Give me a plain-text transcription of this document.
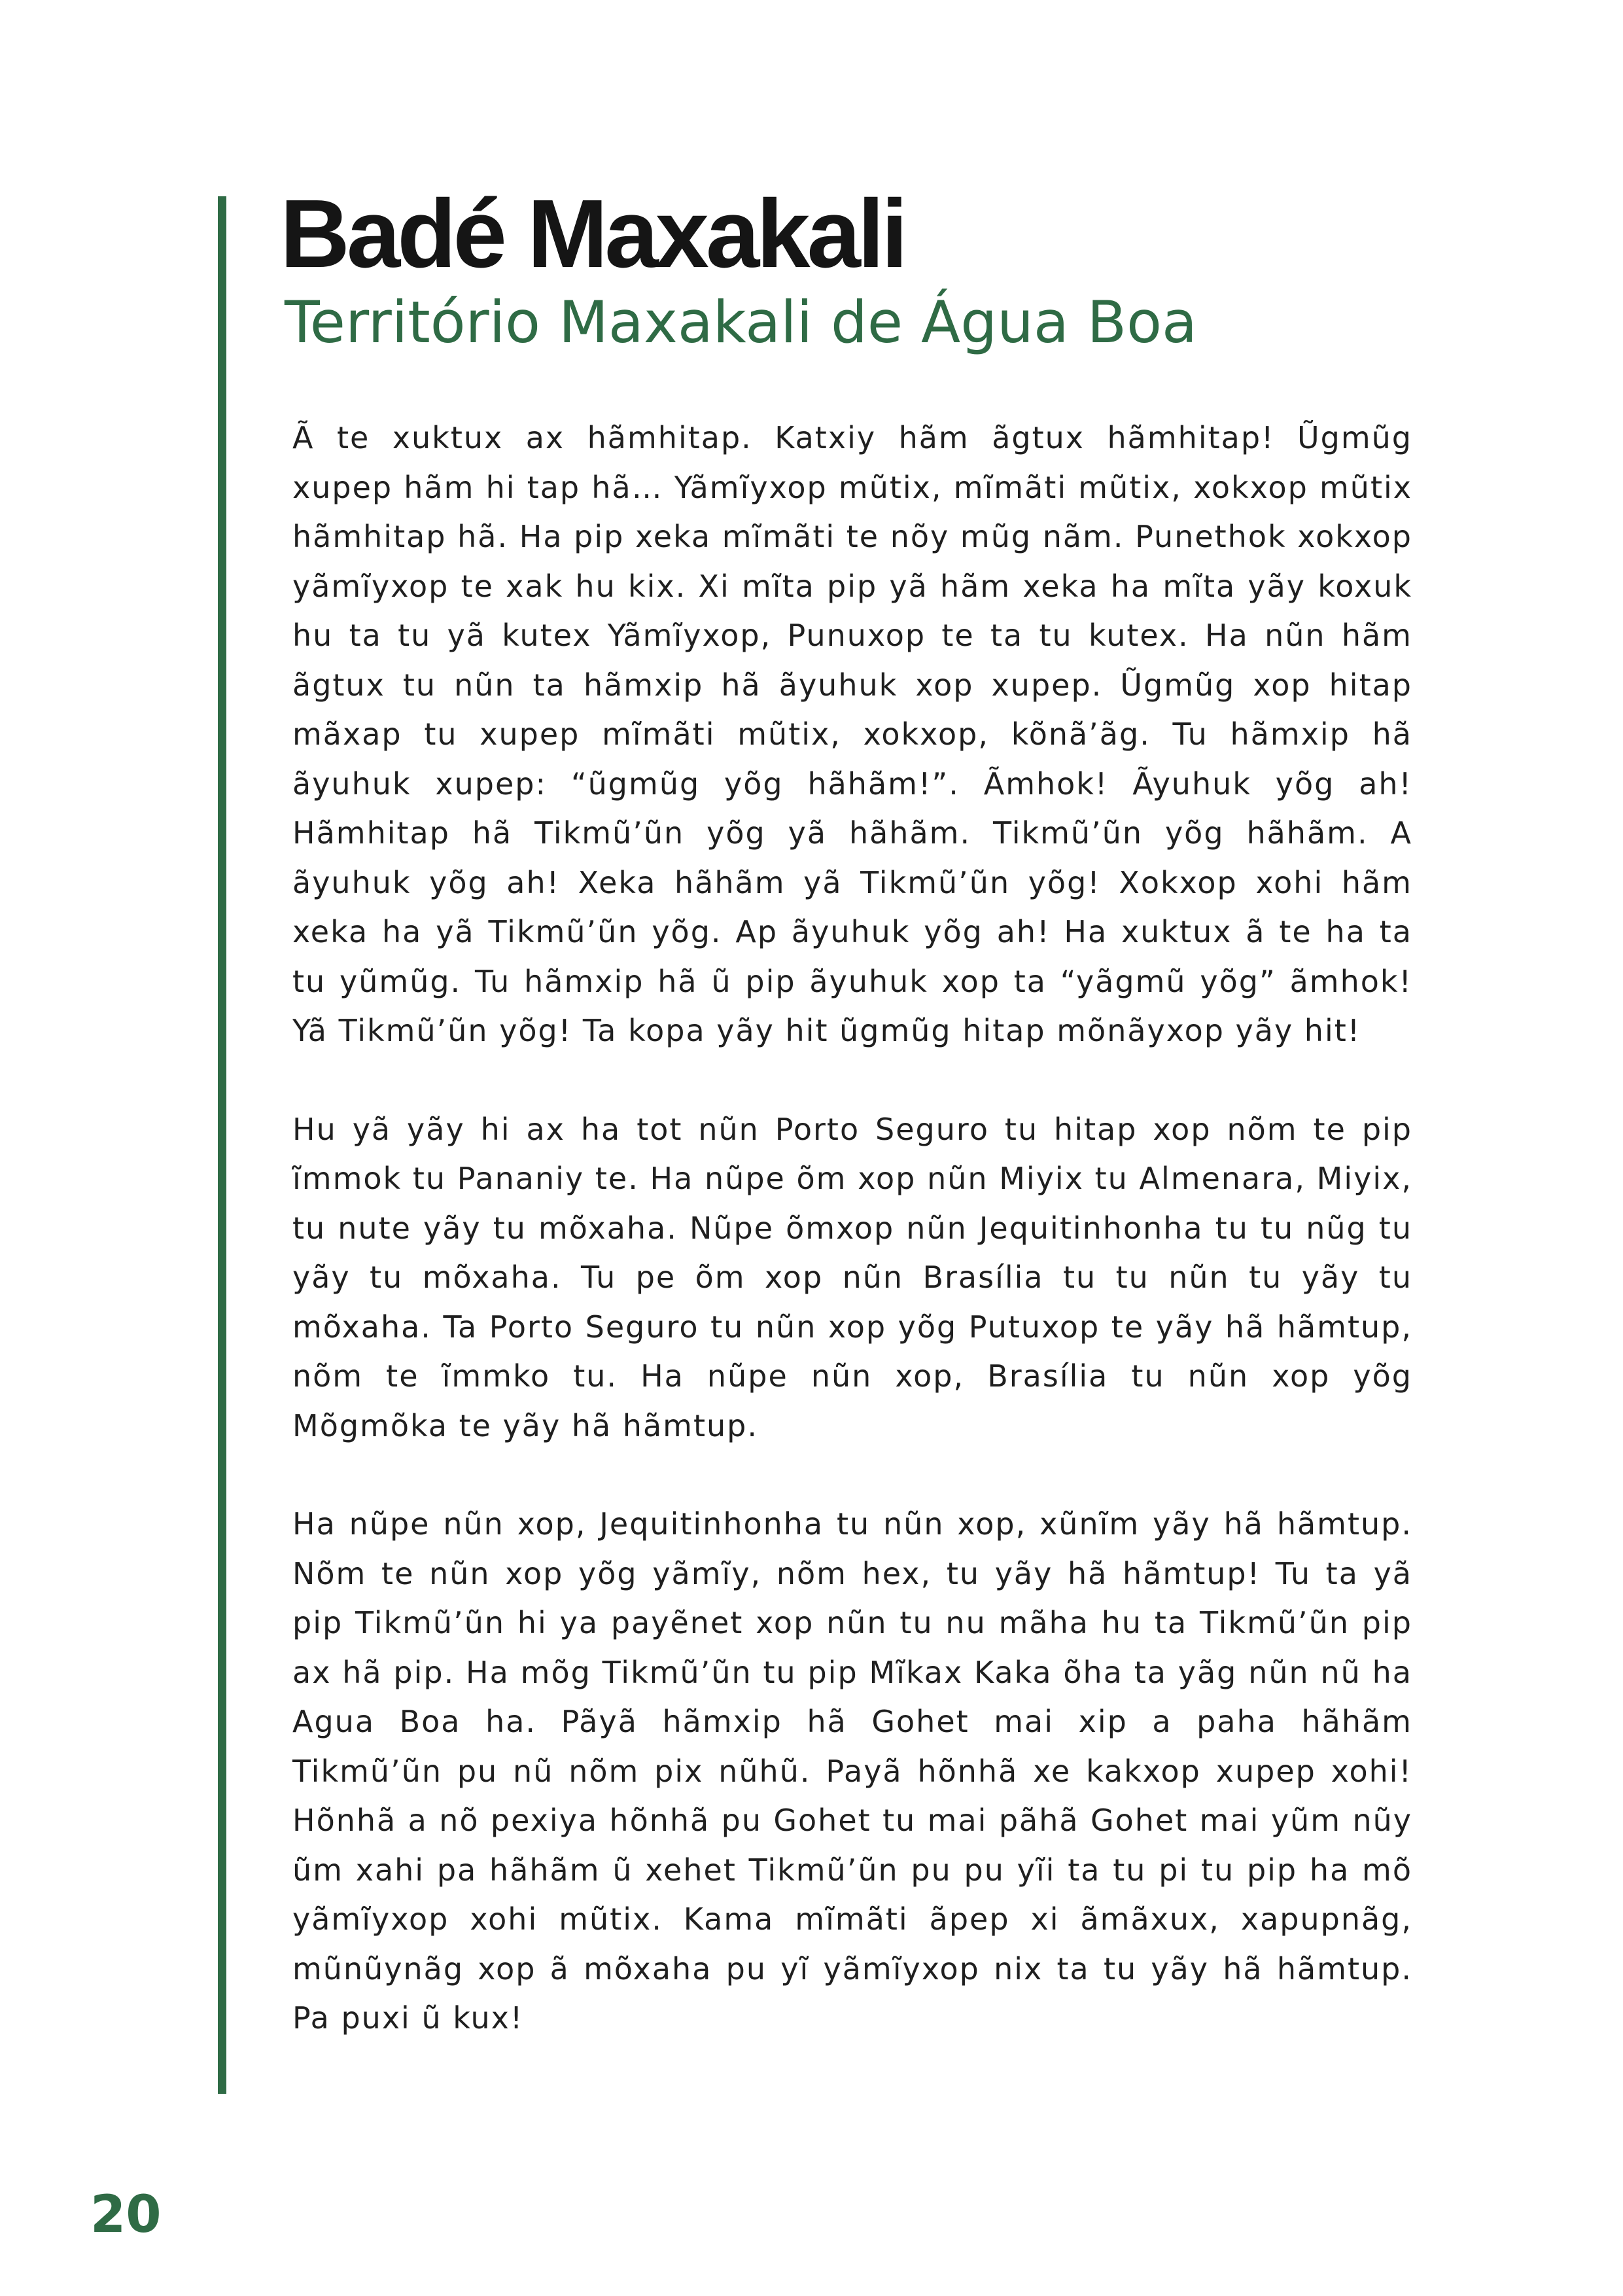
Badé Maxakali
Território Maxakali de Água Boa

Ã te xuktux ax hãmhitap. Katxiy hãm ãgtux hãmhitap! Ũgmũg xupep hãm hi tap hã… Yãmĩyxop mũtix, mĩmãti mũtix, xokxop mũtix hãmhitap hã. Ha pip xeka mĩmãti te nõy mũg nãm. Punethok xokxop yãmĩyxop te xak hu kix. Xi mĩta pip yã hãm xeka ha mĩta yãy koxuk hu ta tu yã kutex Yãmĩyxop, Punuxop te ta tu kutex. Ha nũn hãm ãgtux tu nũn ta hãmxip hã ãyuhuk xop xupep. Ũgmũg xop hitap mãxap tu xupep mĩmãti mũtix, xokxop, kõnã’ãg. Tu hãmxip hã ãyuhuk xupep: “ũgmũg yõg hãhãm!”. Ãmhok! Ãyuhuk yõg ah! Hãmhitap hã Tikmũ’ũn yõg yã hãhãm. Tikmũ’ũn yõg hãhãm. A ãyuhuk yõg ah! Xeka hãhãm yã Tikmũ’ũn yõg! Xokxop xohi hãm xeka ha yã Tikmũ’ũn yõg. Ap ãyuhuk yõg ah! Ha xuktux ã te ha ta tu yũmũg. Tu hãmxip hã ũ pip ãyuhuk xop ta “yãgmũ yõg” ãmhok! Yã Tikmũ’ũn yõg! Ta kopa yãy hit ũgmũg hitap mõnãyxop yãy hit!

Hu yã yãy hi ax ha tot nũn Porto Seguro tu hitap xop nõm te pip ĩmmok tu Pananiy te. Ha nũpe õm xop nũn Miyix tu Almenara, Miyix, tu nute yãy tu mõxaha. Nũpe õmxop nũn Jequitinhonha tu tu nũg tu yãy tu mõxaha. Tu pe õm xop nũn Brasília tu tu nũn tu yãy tu mõxaha. Ta Porto Seguro tu nũn xop yõg Putuxop te yãy hã hãmtup, nõm te ĩmmko tu. Ha nũpe nũn xop, Brasília tu nũn xop yõg Mõgmõka te yãy hã hãmtup.

Ha nũpe nũn xop, Jequitinhonha tu nũn xop, xũnĩm yãy hã hãmtup. Nõm te nũn xop yõg yãmĩy, nõm hex, tu yãy hã hãmtup! Tu ta yã pip Tikmũ’ũn hi ya payẽnet xop nũn tu nu mãha hu ta Tikmũ’ũn pip ax hã pip. Ha mõg Tikmũ’ũn tu pip Mĩkax Kaka õha ta yãg nũn nũ ha Agua Boa ha. Pãyã hãmxip hã Gohet mai xip a paha hãhãm Tikmũ’ũn pu nũ nõm pix nũhũ. Payã hõnhã xe kakxop xupep xohi! Hõnhã a nõ pexiya hõnhã pu Gohet tu mai pãhã Gohet mai yũm nũy ũm xahi pa hãhãm ũ xehet Tikmũ’ũn pu pu yĩi ta tu pi tu pip ha mõ yãmĩyxop xohi mũtix. Kama mĩmãti ãpep xi ãmãxux, xapupnãg, mũnũynãg xop ã mõxaha pu yĩ yãmĩyxop nix ta tu yãy hã hãmtup. Pa puxi ũ kux!

20
